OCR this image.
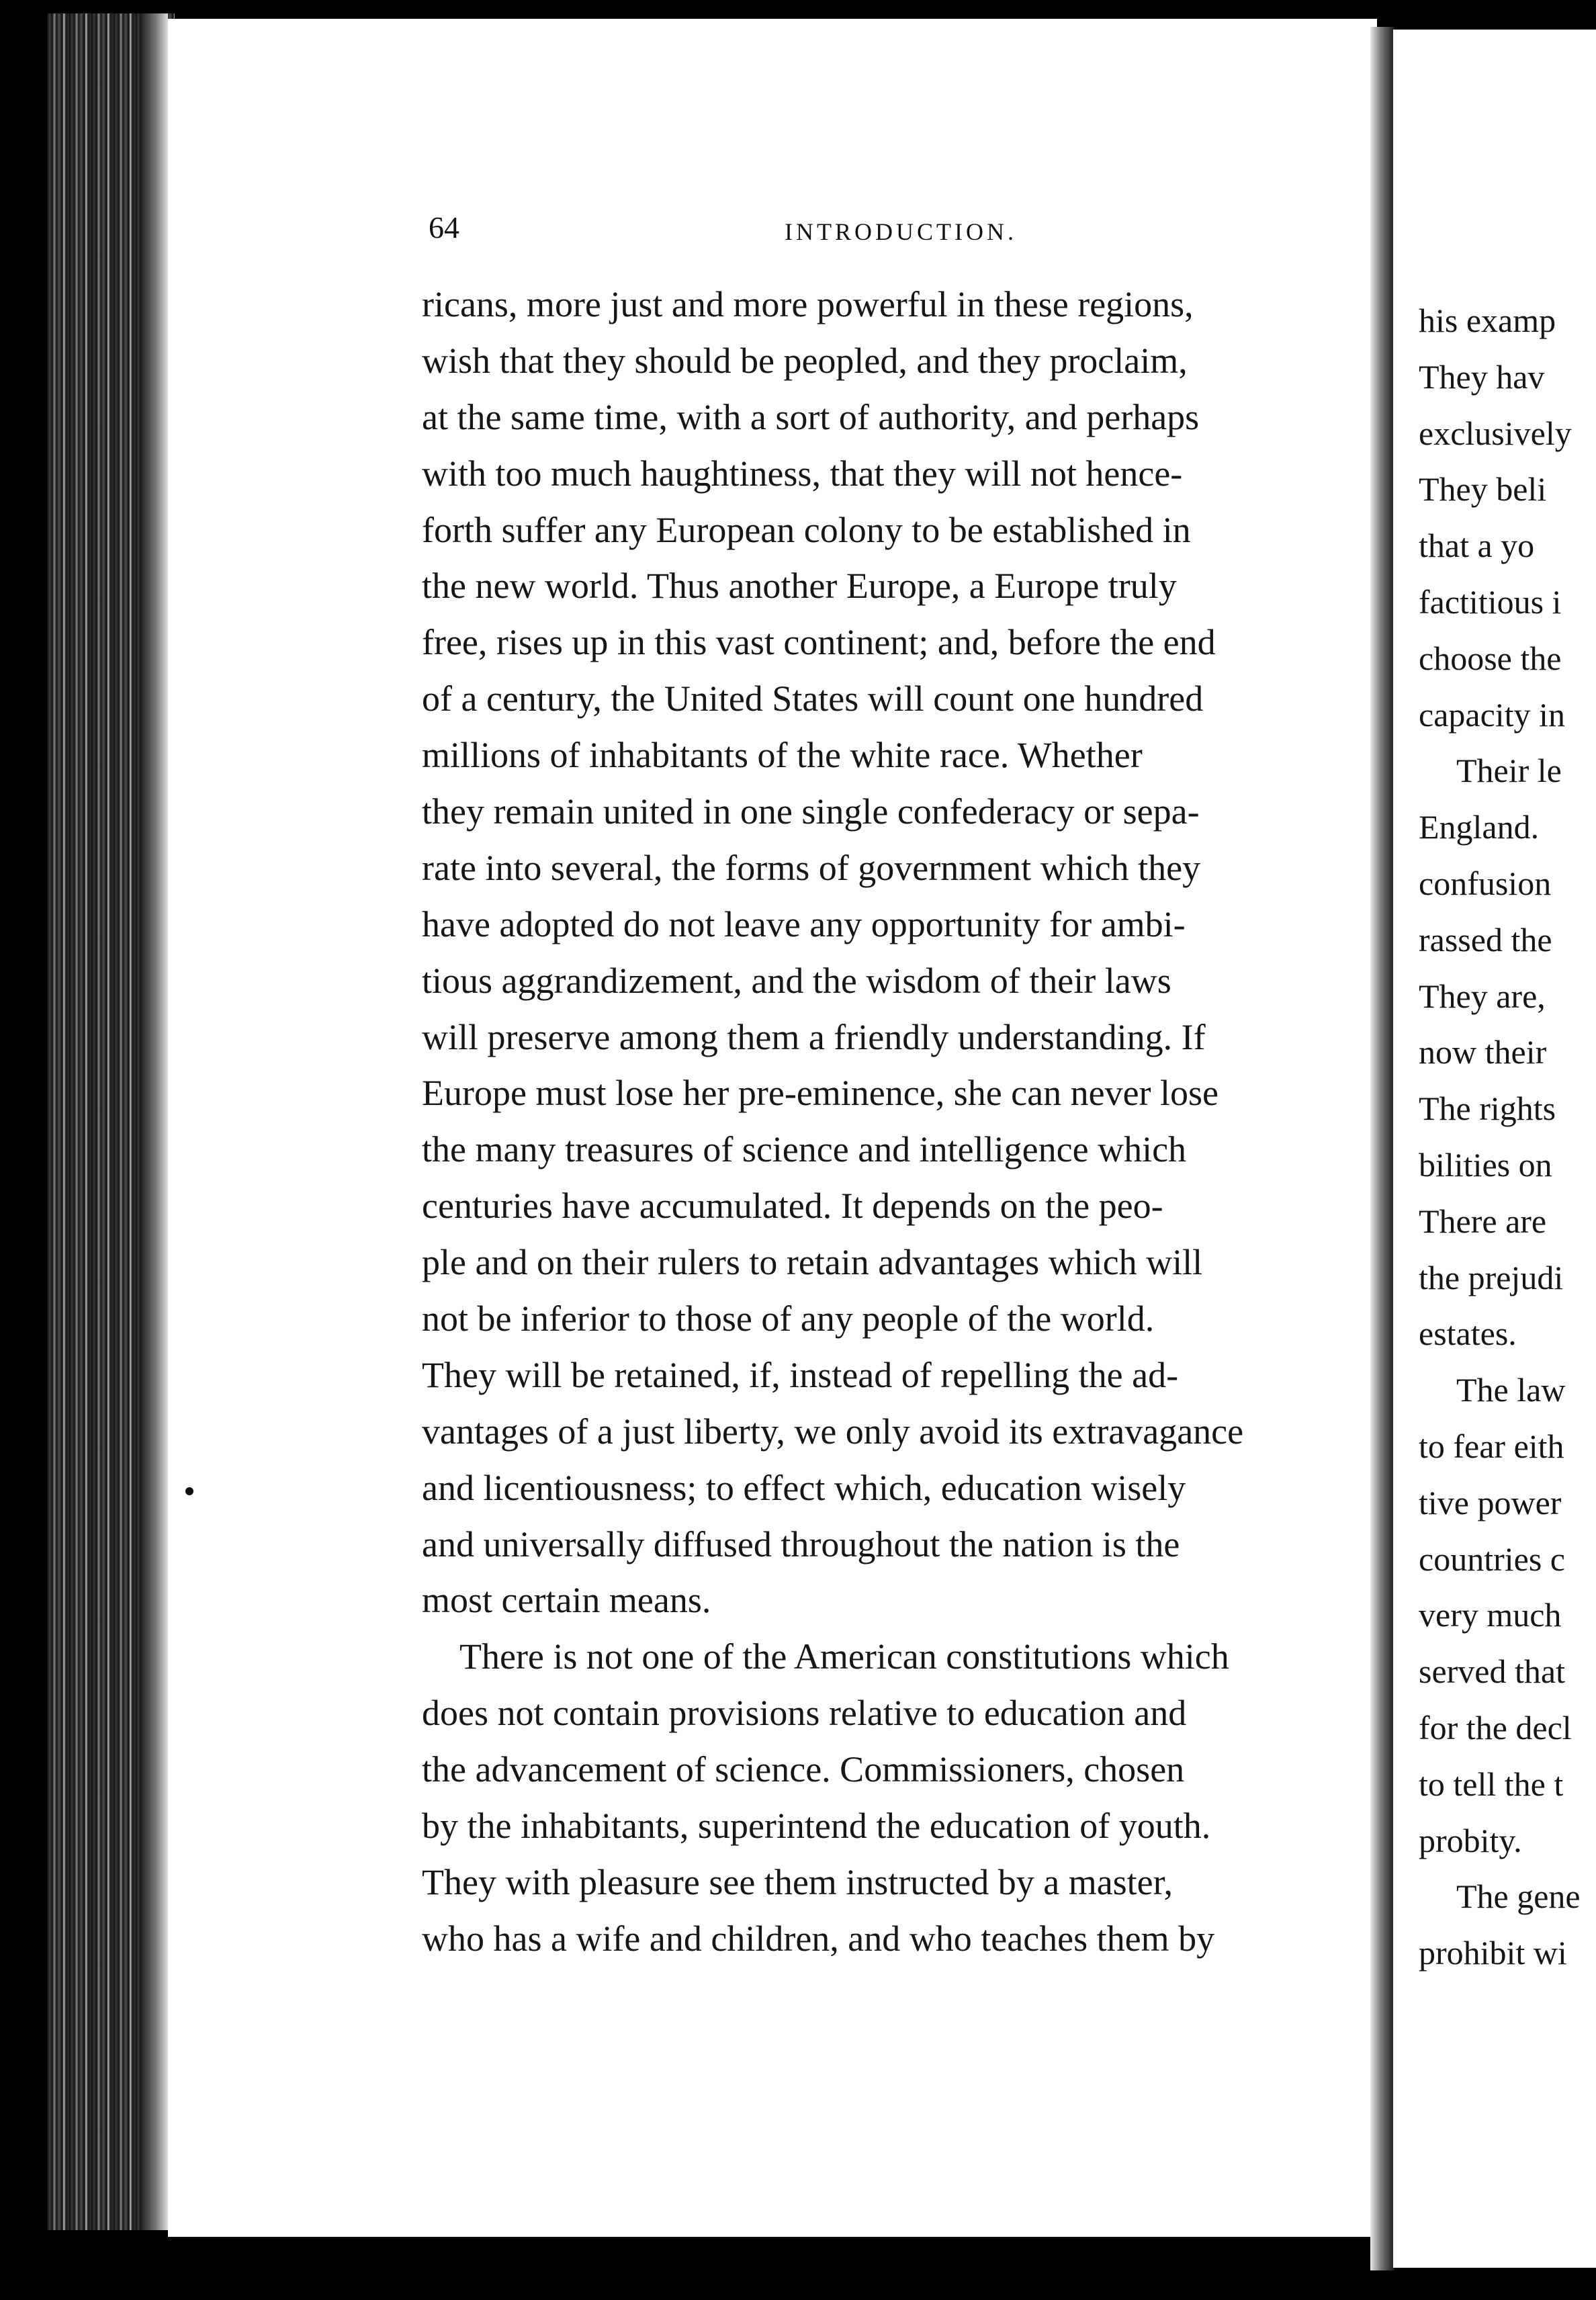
64	INTRODUCTION.
ricans, more just and more powerful in these regions,
wish that they should be peopled, and they proclaim,
at the same time, with a sort of authority, and perhaps
with too much haughtiness, that they will not hence-
forth suffer any European colony to be established in
the new world. Thus another Europe, a Europe truly
free, rises up in this vast continent; and, before the end
of a century, the United States will count one hundred
millions of inhabitants of the white race. Whether
they remain united in one single confederacy or sepa-
rate into several, the forms of government which they
have adopted do not leave any opportunity for ambi-
tious aggrandizement, and the wisdom of their laws
will preserve among them a friendly understanding. If
Europe must lose her pre-eminence, she can never lose
the many treasures of science and intelligence which
centuries have accumulated. It depends on the peo-
ple and on their rulers to retain advantages which will
not be inferior to those of any people of the world.
They will be retained, if, instead of repelling the ad-
vantages of a just liberty, we only avoid its extravagance
and licentiousness; to effect which, education wisely
and universally diffused throughout the nation is the
most certain means.
There is not one of the American constitutions which
does not contain provisions relative to education and
the advancement of science. Commissioners, chosen
by the inhabitants, superintend the education of youth.
They with pleasure see them instructed by a master,
who has a wife and children, and who teaches them by
his examp
They hav
exclusively
They beli
that a yo
factitious i
choose the
capacity in
Their le
England.
confusion
rassed the
They are,
now their
The rights
bilities on
There are
the prejudi
estates.
The law
to fear eith
tive power
countries c
very much
served that
for the decl
to tell the t
probity.
The gene
prohibit wi
